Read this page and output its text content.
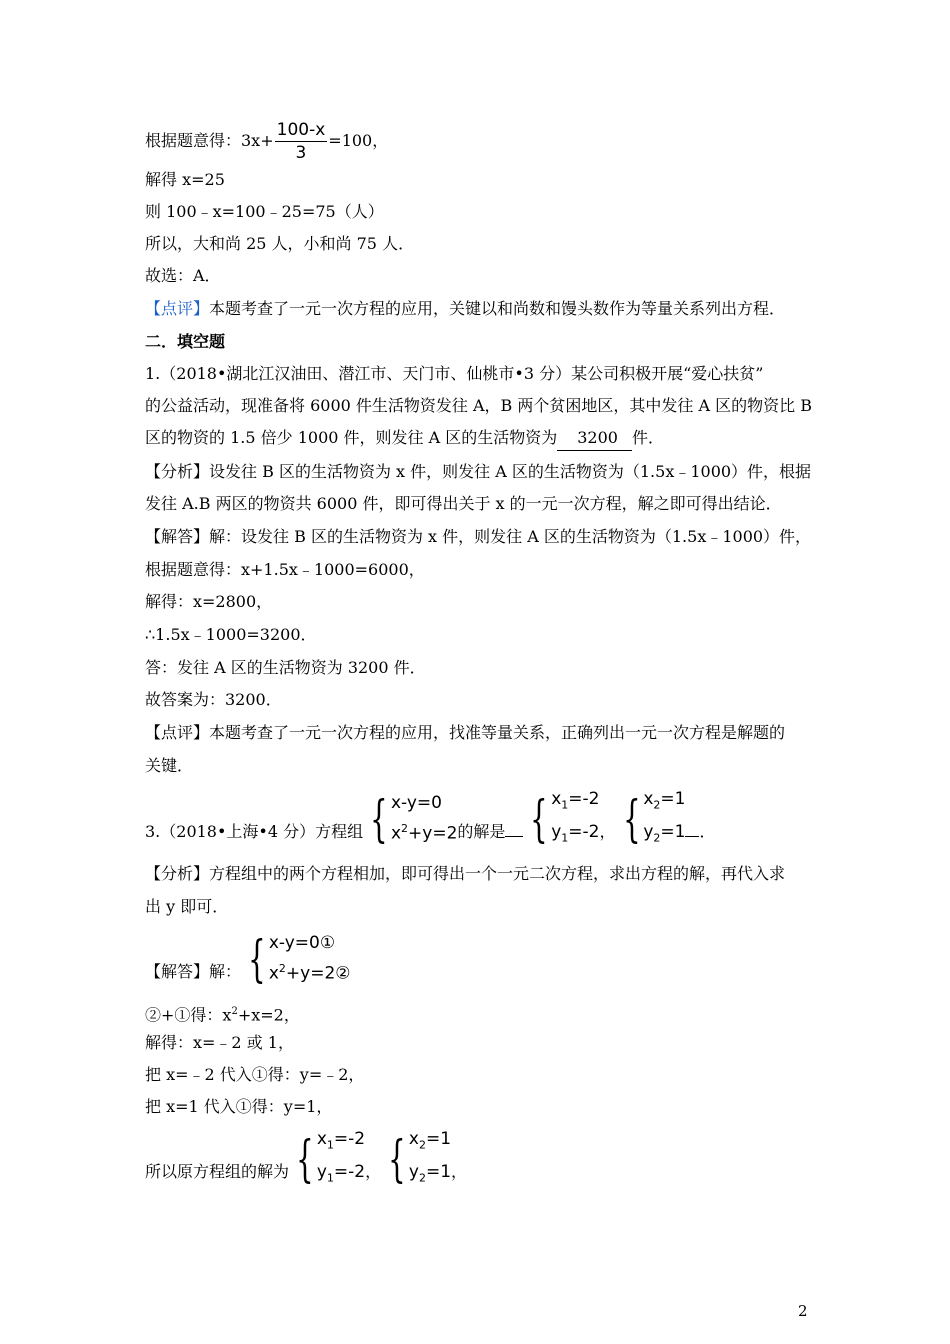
根据题意得：$3x+ \frac{100-x}{3} =100$，
解得 x=25
则 100﹣x=100﹣25=75（人）
所以，大和尚 25 人，小和尚 75 人．
故选：A．
【点评】本题考查了一元一次方程的应用，关键以和尚数和馒头数作为等量关系列出方程．
二．填空题
1.（2018•湖北江汉油田、潜江市、天门市、仙桃市•3 分）某公司积极开展“爱心扶贫”
的公益活动，现准备将 6000 件生活物资发往 A，B 两个贫困地区，其中发往 A 区的物资比 B
区的物资的 1.5 倍少 1000 件，则发往 A 区的生活物资为 3200 件．
【分析】设发往 B 区的生活物资为 x 件，则发往 A 区的生活物资为（1.5x﹣1000）件，根据
发往 A.B 两区的物资共 6000 件，即可得出关于 x 的一元一次方程，解之即可得出结论．
【解答】解：设发往 B 区的生活物资为 x 件，则发往 A 区的生活物资为（1.5x﹣1000）件，
根据题意得：x+1.5x﹣1000=6000，
解得：x=2800，
∴1.5x﹣1000=3200．
答：发往 A 区的生活物资为 3200 件．
故答案为：3200．
【点评】本题考查了一元一次方程的应用，找准等量关系，正确列出一元一次方程是解题的
关键．
3.（2018•上海•4 分）方程组 { x-y=0
$x^2+y=2$ 的解是 { $x_1=-2$
$y_1=-2$ ， { $x_2=1$
$y_2=1$ ．
【分析】方程组中的两个方程相加，即可得出一个一元二次方程，求出方程的解，再代入求
出 y 即可．
【解答】解： { x-y=0①
$x^2+y=2②$
②+①得：$x^2+x=2$，
解得：x=﹣2 或 1，
把 x=﹣2 代入①得：y=﹣2，
把 x=1 代入①得：y=1，
所以原方程组的解为 { $x_1=-2$
$y_1=-2$ ， { $x_2=1$
$y_2=1$ ，
2
